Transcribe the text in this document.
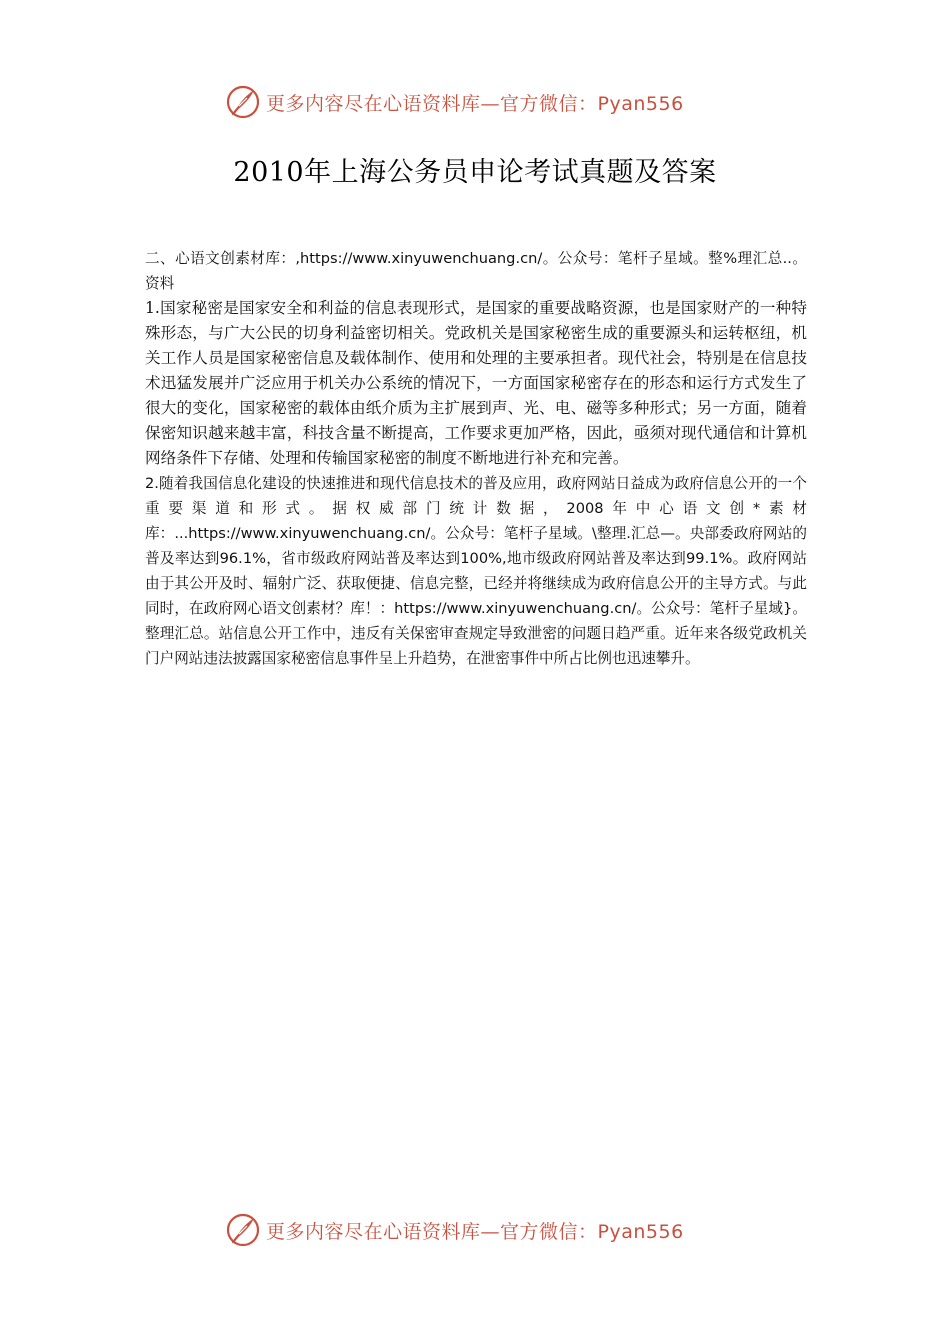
更多内容尽在心语资料库—官方微信：Pyan556
2010年上海公务员申论考试真题及答案

二、心语文创素材库：,https://www.xinyuwenchuang.cn/。公众号：笔杆子星域。整%理汇总..。资料

1.国家秘密是国家安全和利益的信息表现形式，是国家的重要战略资源，也是国家财产的一种特殊形态，与广大公民的切身利益密切相关。党政机关是国家秘密生成的重要源头和运转枢纽，机关工作人员是国家秘密信息及载体制作、使用和处理的主要承担者。现代社会，特别是在信息技术迅猛发展并广泛应用于机关办公系统的情况下，一方面国家秘密存在的形态和运行方式发生了很大的变化，国家秘密的载体由纸介质为主扩展到声、光、电、磁等多种形式；另一方面，随着保密知识越来越丰富，科技含量不断提高，工作要求更加严格，因此，亟须对现代通信和计算机网络条件下存储、处理和传输国家秘密的制度不断地进行补充和完善。

2.随着我国信息化建设的快速推进和现代信息技术的普及应用，政府网站日益成为政府信息公开的一个重要渠道和形式。据权威部门统计数据，2008年中心语文创*素材库：...https://www.xinyuwenchuang.cn/。公众号：笔杆子星域。\整理.汇总—。央部委政府网站的普及率达到96.1%，省市级政府网站普及率达到100%,地市级政府网站普及率达到99.1%。政府网站由于其公开及时、辐射广泛、获取便捷、信息完整，已经并将继续成为政府信息公开的主导方式。与此同时，在政府网心语文创素材？库！：https://www.xinyuwenchuang.cn/。公众号：笔杆子星域}。整理汇总。站信息公开工作中，违反有关保密审查规定导致泄密的问题日趋严重。近年来各级党政机关门户网站违法披露国家秘密信息事件呈上升趋势，在泄密事件中所占比例也迅速攀升。

更多内容尽在心语资料库—官方微信：Pyan556
